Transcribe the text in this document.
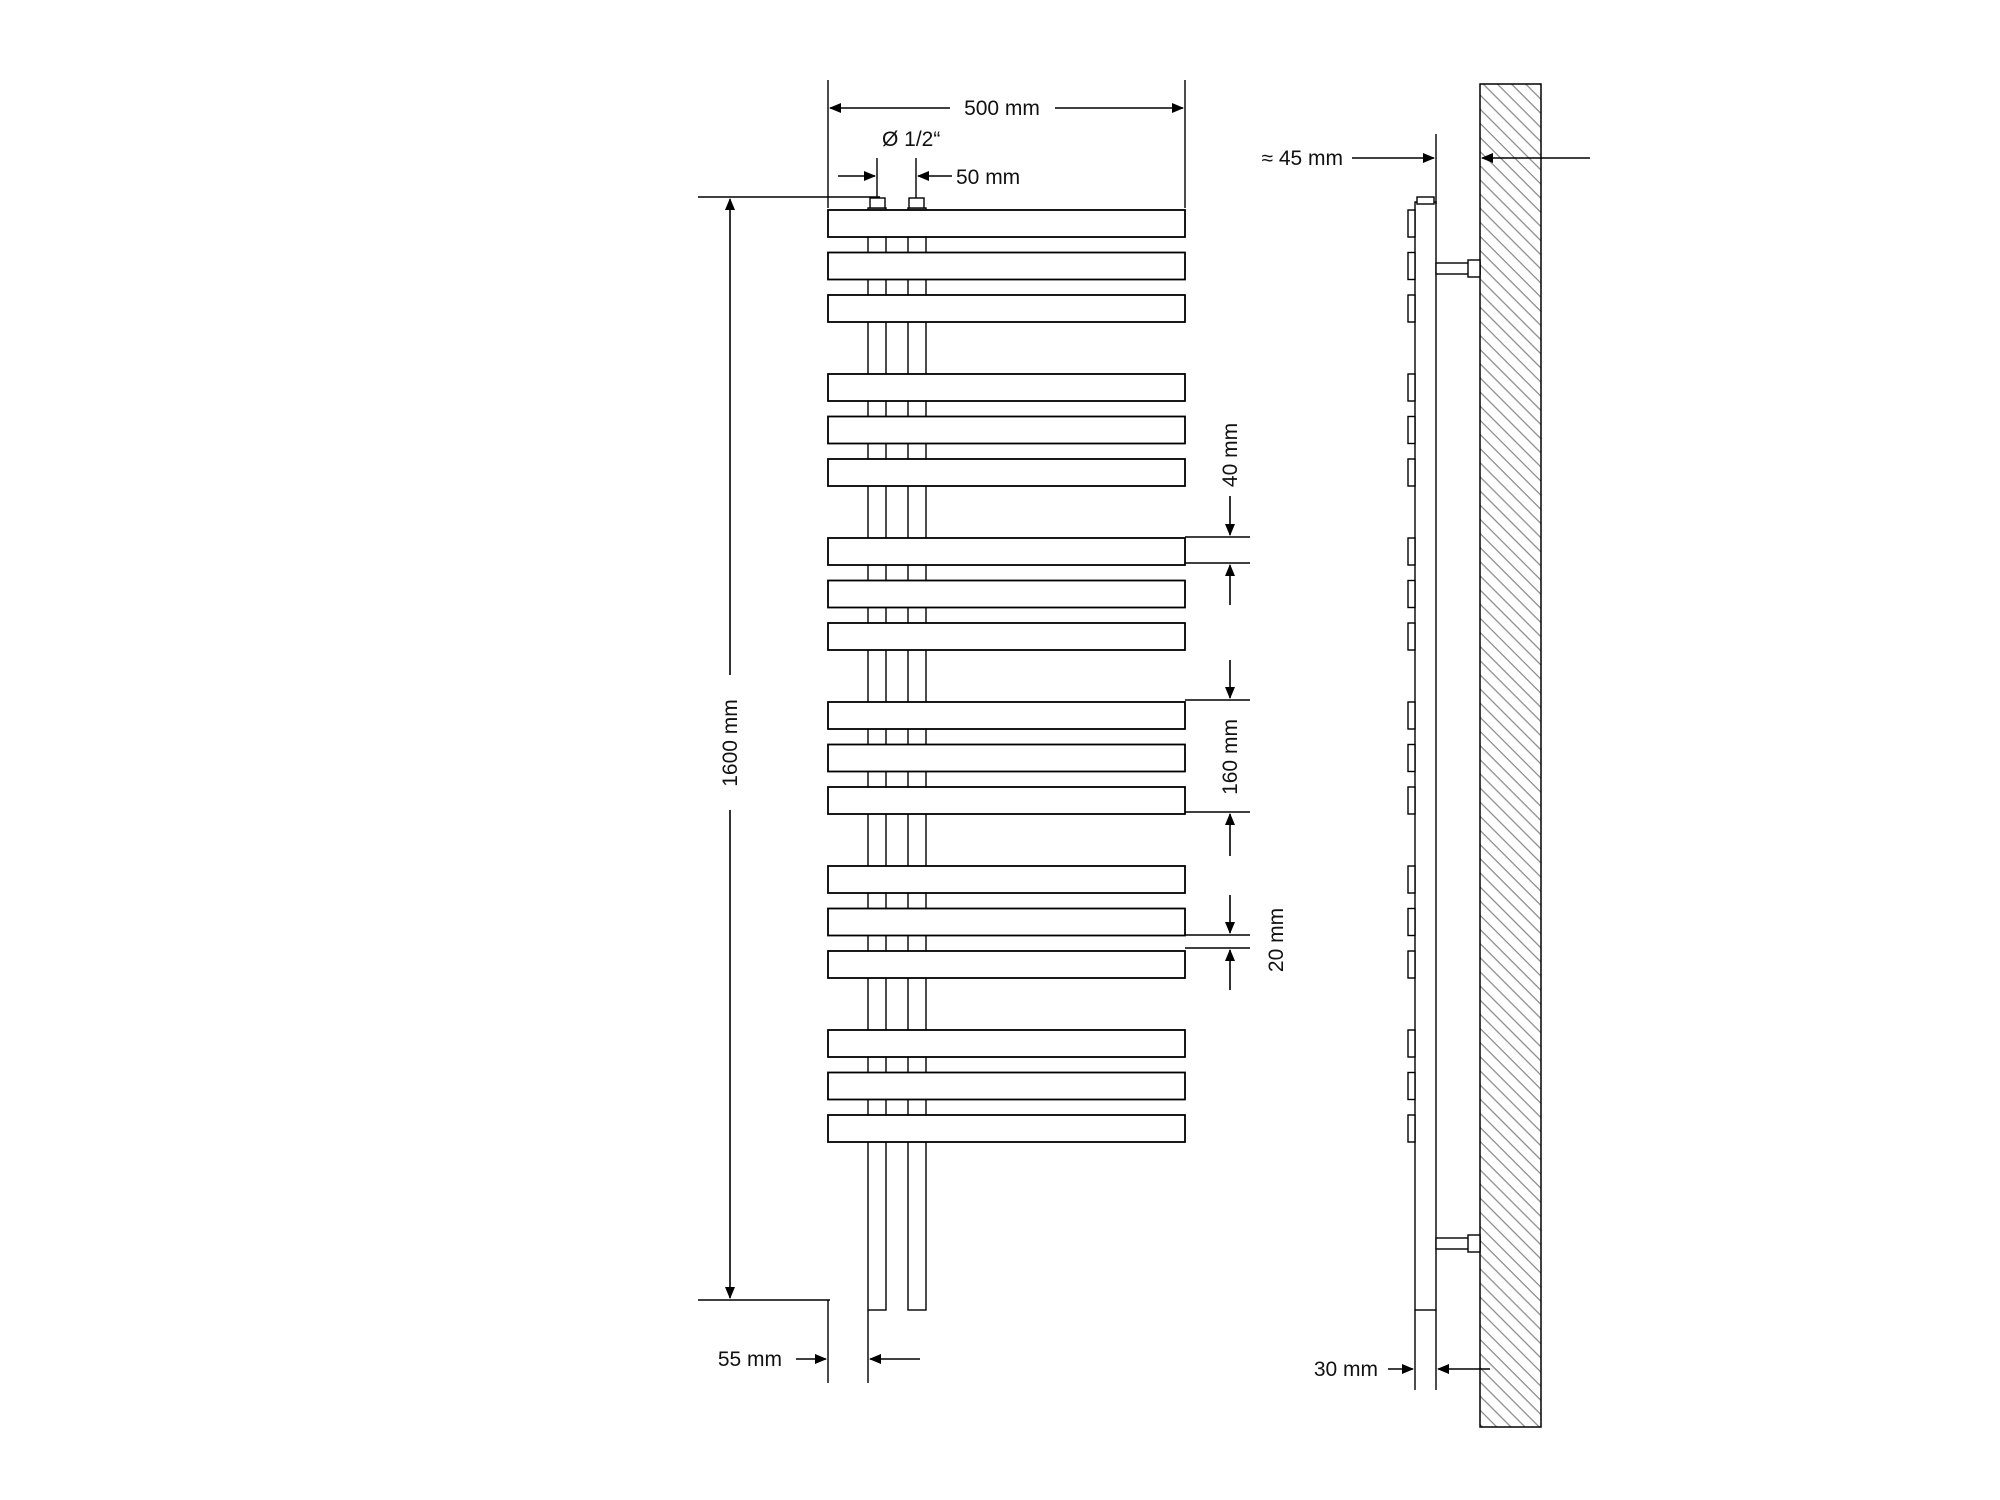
500 mm
Ø 1/2“
50 mm
1600 mm
40 mm
160 mm
20 mm
55 mm
≈ 45 mm
30 mm
